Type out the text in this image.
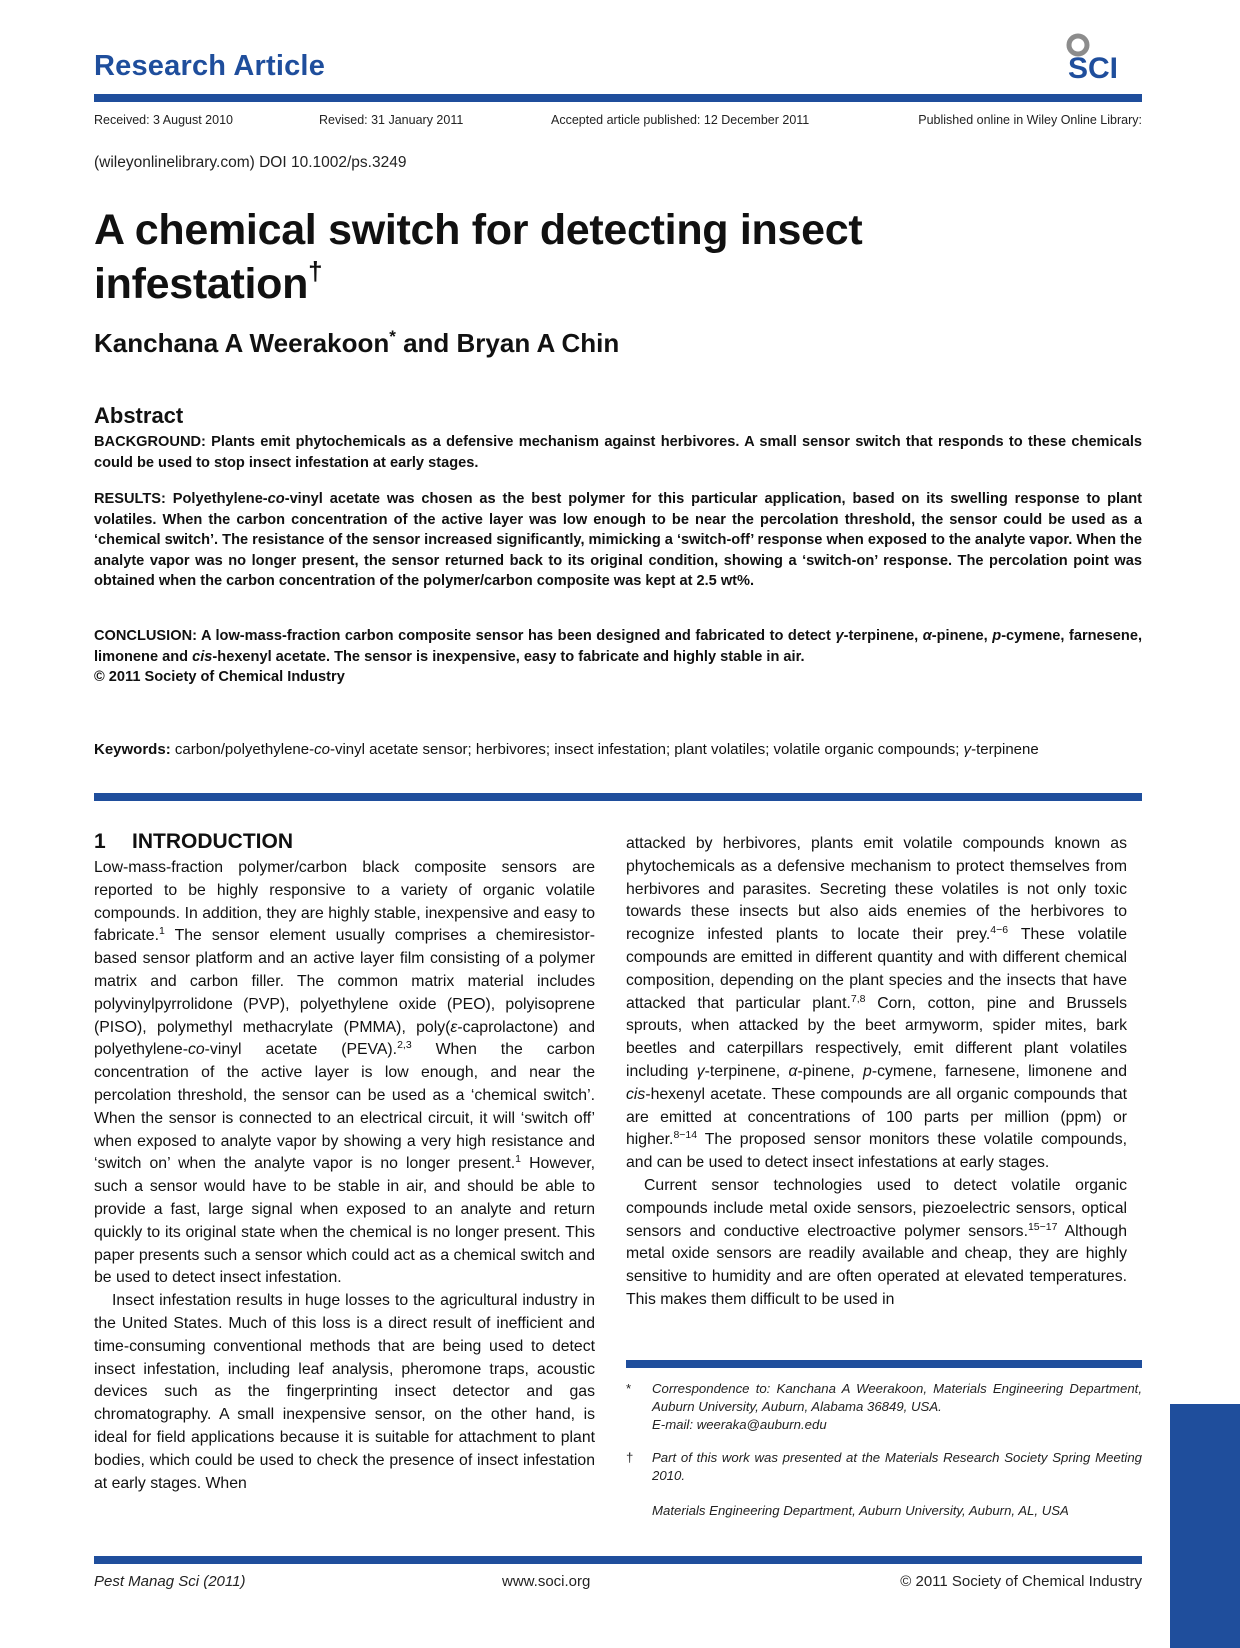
Research Article	SCI
Received: 3 August 2010	Revised: 31 January 2011	Accepted article published: 12 December 2011	Published online in Wiley Online Library:
(wileyonlinelibrary.com) DOI 10.1002/ps.3249
A chemical switch for detecting insect infestation†
Kanchana A Weerakoon* and Bryan A Chin
Abstract

BACKGROUND: Plants emit phytochemicals as a defensive mechanism against herbivores. A small sensor switch that responds to these chemicals could be used to stop insect infestation at early stages.

RESULTS: Polyethylene-co-vinyl acetate was chosen as the best polymer for this particular application, based on its swelling response to plant volatiles. When the carbon concentration of the active layer was low enough to be near the percolation threshold, the sensor could be used as a ‘chemical switch’. The resistance of the sensor increased significantly, mimicking a ‘switch-off’ response when exposed to the analyte vapor. When the analyte vapor was no longer present, the sensor returned back to its original condition, showing a ‘switch-on’ response. The percolation point was obtained when the carbon concentration of the polymer/carbon composite was kept at 2.5 wt%.

CONCLUSION: A low-mass-fraction carbon composite sensor has been designed and fabricated to detect γ-terpinene, α-pinene, p-cymene, farnesene, limonene and cis-hexenyl acetate. The sensor is inexpensive, easy to fabricate and highly stable in air.
© 2011 Society of Chemical Industry

Keywords: carbon/polyethylene-co-vinyl acetate sensor; herbivores; insect infestation; plant volatiles; volatile organic compounds; γ-terpinene

1 INTRODUCTION

Low-mass-fraction polymer/carbon black composite sensors are reported to be highly responsive to a variety of organic volatile compounds. In addition, they are highly stable, inexpensive and easy to fabricate.$^1$ The sensor element usually comprises a chemiresistor-based sensor platform and an active layer film consisting of a polymer matrix and carbon filler. The common matrix material includes polyvinylpyrrolidone (PVP), polyethylene oxide (PEO), polyisoprene (PISO), polymethyl methacrylate (PMMA), poly(ε-caprolactone) and polyethylene-co-vinyl acetate (PEVA).$^{2,3}$ When the carbon concentration of the active layer is low enough, and near the percolation threshold, the sensor can be used as a ‘chemical switch’. When the sensor is connected to an electrical circuit, it will ‘switch off’ when exposed to analyte vapor by showing a very high resistance and ‘switch on’ when the analyte vapor is no longer present.$^1$ However, such a sensor would have to be stable in air, and should be able to provide a fast, large signal when exposed to an analyte and return quickly to its original state when the chemical is no longer present. This paper presents such a sensor which could act as a chemical switch and be used to detect insect infestation.

Insect infestation results in huge losses to the agricultural industry in the United States. Much of this loss is a direct result of inefficient and time-consuming conventional methods that are being used to detect insect infestation, including leaf analysis, pheromone traps, acoustic devices such as the fingerprinting insect detector and gas chromatography. A small inexpensive sensor, on the other hand, is ideal for field applications because it is suitable for attachment to plant bodies, which could be used to check the presence of insect infestation at early stages. When

attacked by herbivores, plants emit volatile compounds known as phytochemicals as a defensive mechanism to protect themselves from herbivores and parasites. Secreting these volatiles is not only toxic towards these insects but also aids enemies of the herbivores to recognize infested plants to locate their prey.$^{4-6}$ These volatile compounds are emitted in different quantity and with different chemical composition, depending on the plant species and the insects that have attacked that particular plant.$^{7,8}$ Corn, cotton, pine and Brussels sprouts, when attacked by the beet armyworm, spider mites, bark beetles and caterpillars respectively, emit different plant volatiles including γ-terpinene, α-pinene, p-cymene, farnesene, limonene and cis-hexenyl acetate. These compounds are all organic compounds that are emitted at concentrations of 100 parts per million (ppm) or higher.$^{8-14}$ The proposed sensor monitors these volatile compounds, and can be used to detect insect infestations at early stages.

Current sensor technologies used to detect volatile organic compounds include metal oxide sensors, piezoelectric sensors, optical sensors and conductive electroactive polymer sensors.$^{15-17}$ Although metal oxide sensors are readily available and cheap, they are highly sensitive to humidity and are often operated at elevated temperatures. This makes them difficult to be used in

*	Correspondence to: Kanchana A Weerakoon, Materials Engineering Department, Auburn University, Auburn, Alabama 36849, USA.
E-mail: weeraka@auburn.edu
†	Part of this work was presented at the Materials Research Society Spring Meeting 2010.
Materials Engineering Department, Auburn University, Auburn, AL, USA
Pest Manag Sci (2011)	www.soci.org	© 2011 Society of Chemical Industry
